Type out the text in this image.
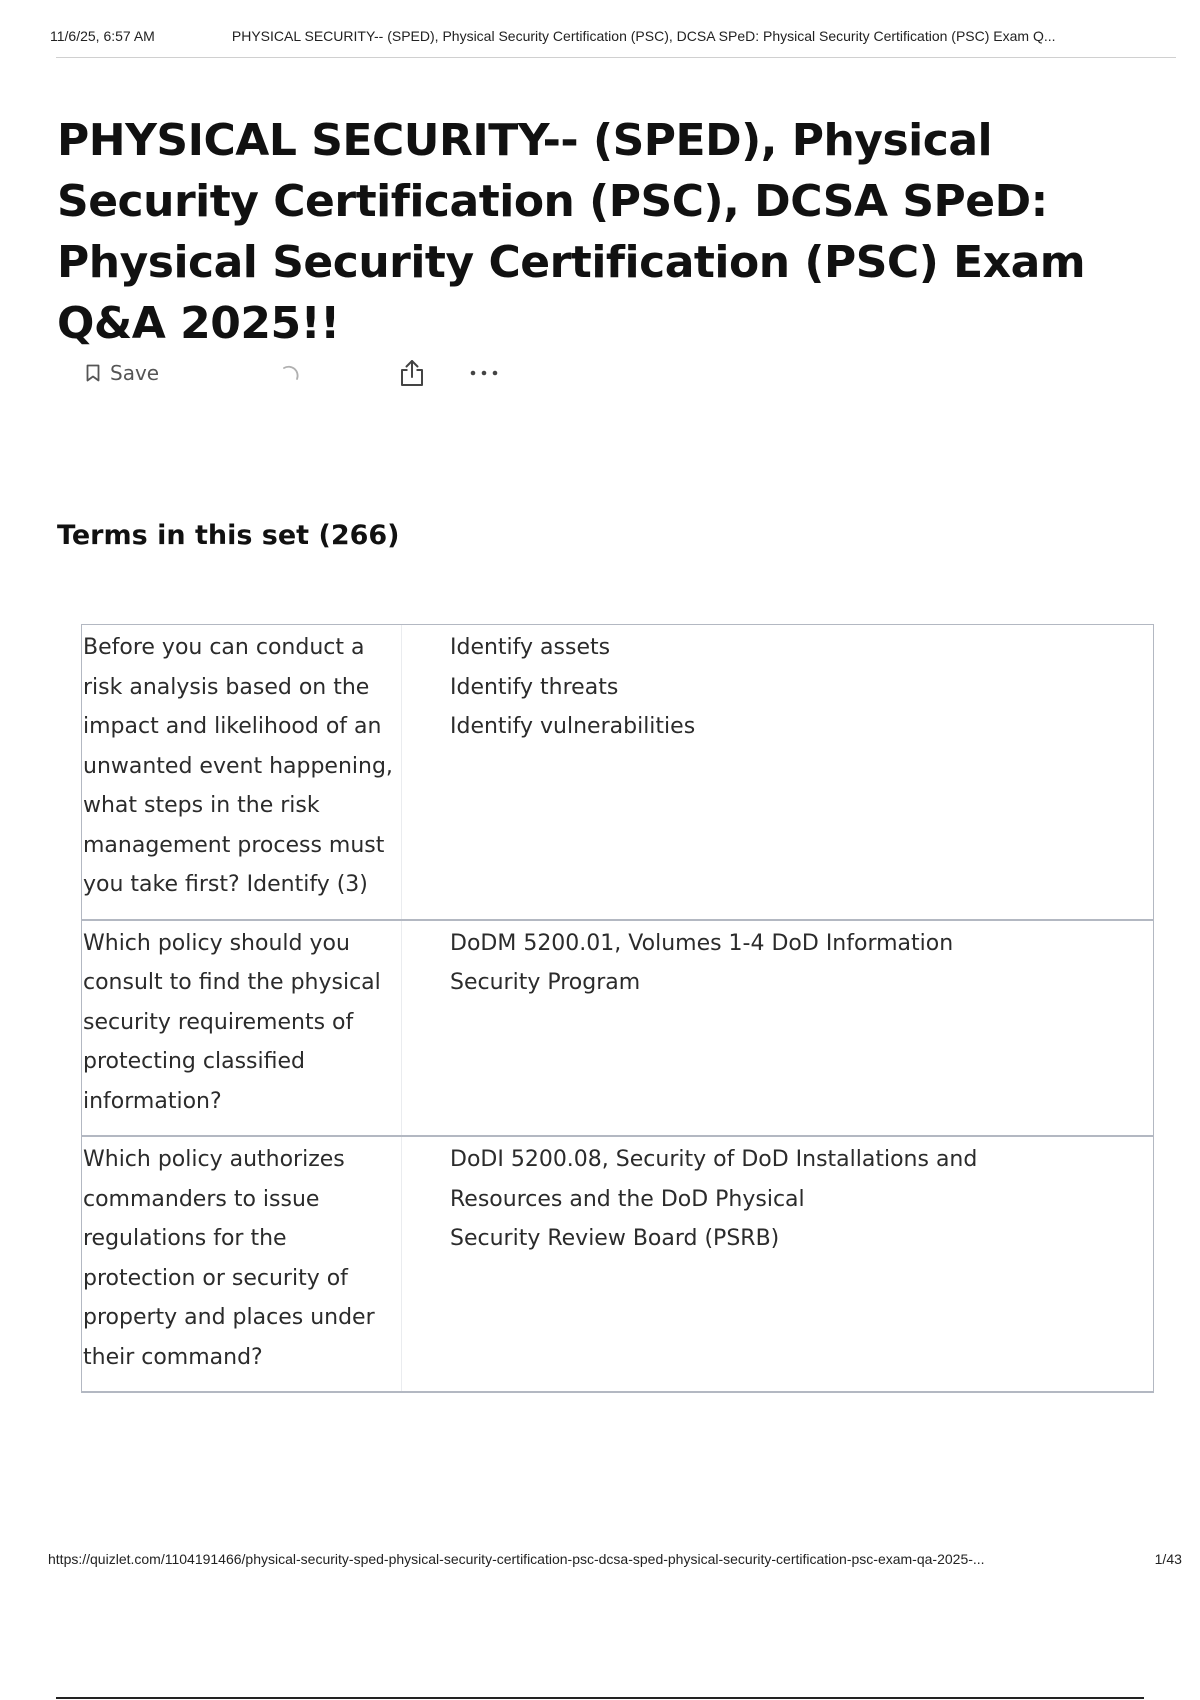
11/6/25, 6:57 AM	PHYSICAL SECURITY-- (SPED), Physical Security Certification (PSC), DCSA SPeD: Physical Security Certification (PSC) Exam Q...
PHYSICAL SECURITY-- (SPED), Physical Security Certification (PSC), DCSA SPeD: Physical Security Certification (PSC) Exam Q&A 2025!!
Save
Terms in this set (266)
Before you can conduct a risk analysis based on the impact and likelihood of an unwanted event happening, what steps in the risk management process must you take first? Identify (3)
Identify assets
Identify threats
Identify vulnerabilities
Which policy should you consult to find the physical security requirements of protecting classified information?
DoDM 5200.01, Volumes 1-4 DoD Information Security Program
Which policy authorizes commanders to issue regulations for the protection or security of property and places under their command?
DoDI 5200.08, Security of DoD Installations and Resources and the DoD Physical
Security Review Board (PSRB)
https://quizlet.com/1104191466/physical-security-sped-physical-security-certification-psc-dcsa-sped-physical-security-certification-psc-exam-qa-2025-...	1/43
